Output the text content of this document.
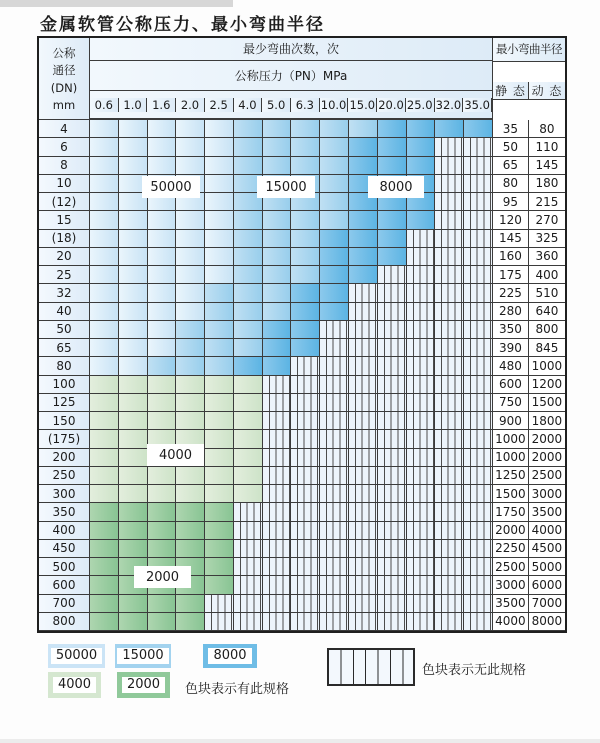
金属软管公称压力、最小弯曲半径
公称
通径
(DN)
mm
最少弯曲次数，次
公称压力（PN）MPa
0.6 1.0 1.6 2.0 2.5 4.0 5.0 6.3 10.0 15.0 20.0 25.0 32.0 35.0
最小弯曲半径
静 态 动 态
4	35	80
6	50	110
8	65	145
10	80	180
(12)	95	215
15	120	270
(18)	145	325
20	160	360
25	175	400
32	225	510
40	280	640
50	350	800
65	390	845
80	480 1000
100	600 1200
125	750 1500
150	900 1800
(175)	1000 2000
200	1000 2000
250	1250 2500
300	1500 3000
350	1750 3500
400	2000 4000
450	2250 4500
500	2500 5000
600	3000 6000
700	3500 7000
800	4000 8000
50000	15000	8000
4000
2000
50000	15000	8000
4000	2000	色块表示有此规格
色块表示无此规格
